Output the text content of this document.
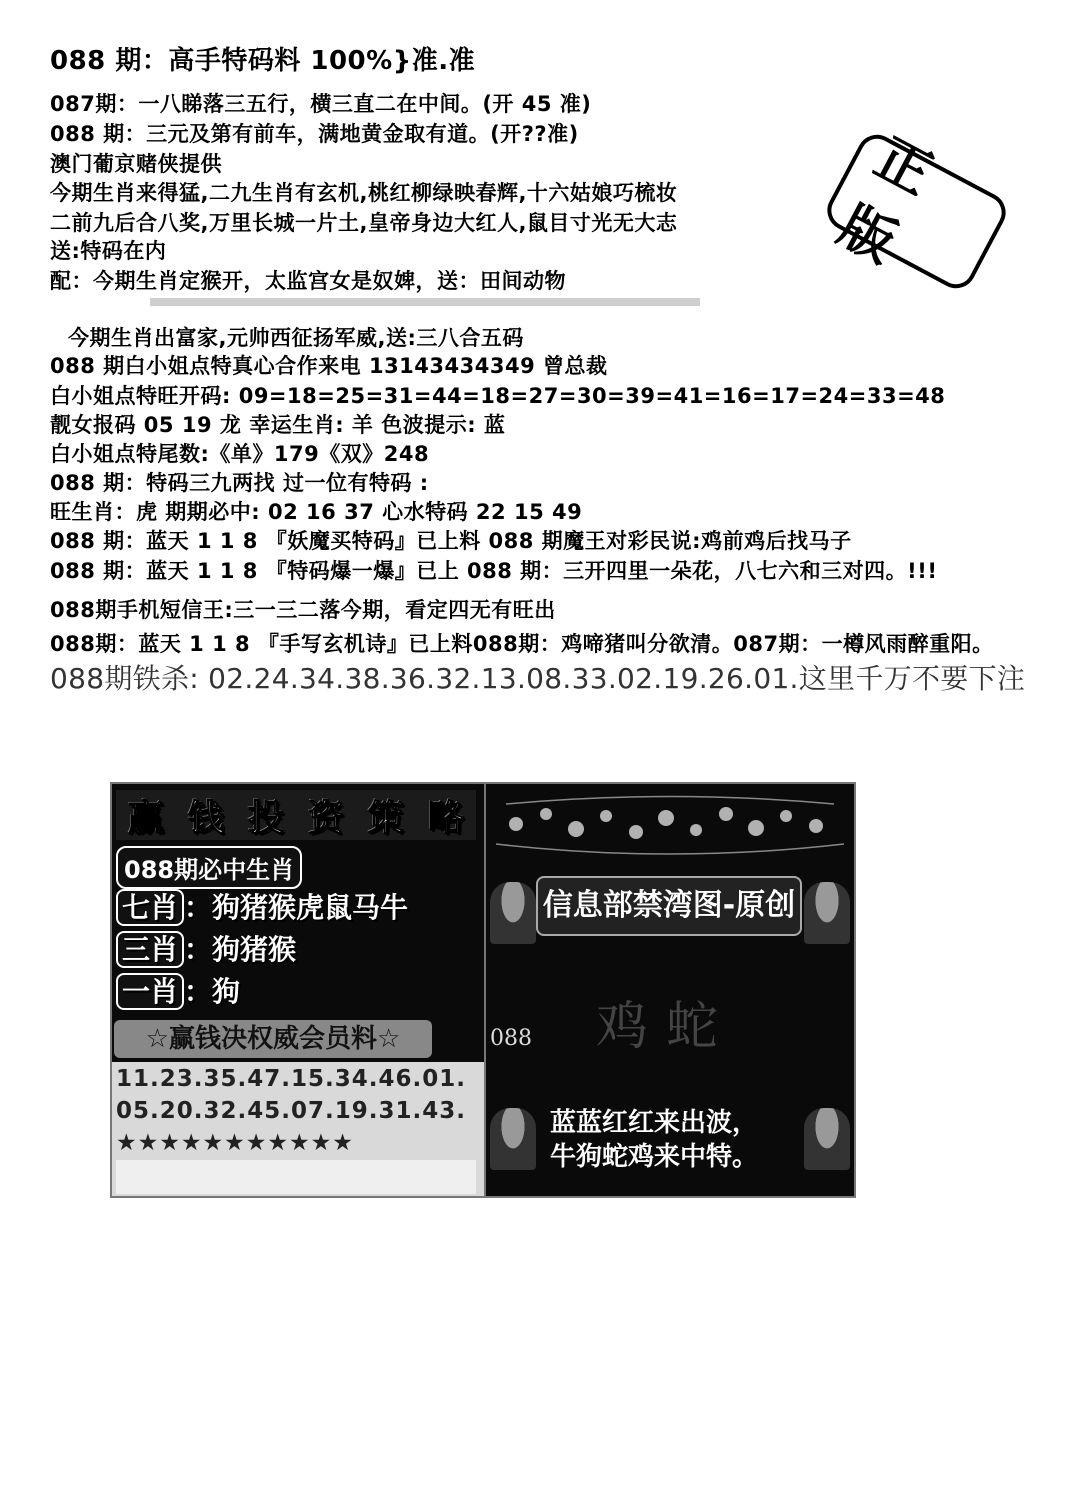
088 期：高手特码料 100%}准.准
087期：一八睇落三五行，横三直二在中间。(开 45 准)
088 期：三元及第有前车，满地黄金取有道。(开??准)
澳门葡京赌侠提供
今期生肖来得猛,二九生肖有玄机,桃红柳绿映春辉,十六姑娘巧梳妆
二前九后合八奖,万里长城一片土,皇帝身边大红人,鼠目寸光无大志
送:特码在内
配：今期生肖定猴开，太监宫女是奴婢，送：田间动物
今期生肖出富家,元帅西征扬军威,送:三八合五码
088 期白小姐点特真心合作来电 13143434349 曾总裁
白小姐点特旺开码: 09=18=25=31=44=18=27=30=39=41=16=17=24=33=48
靓女报码 05 19 龙 幸运生肖: 羊 色波提示: 蓝
白小姐点特尾数:《单》179《双》248
088 期：特码三九两找 过一位有特码 :
旺生肖：虎 期期必中: 02 16 37 心水特码 22 15 49
088 期：蓝天 1 1 8 『妖魔买特码』已上料 088 期魔王对彩民说:鸡前鸡后找马子
088 期：蓝天 1 1 8 『特码爆一爆』已上 088 期：三开四里一朵花，八七六和三对四。!!!
088期手机短信王:三一三二落今期，看定四无有旺出
088期：蓝天 1 1 8 『手写玄机诗』已上料088期：鸡啼猪叫分欲清。087期：一樽风雨醉重阳。
088期铁杀: 02.24.34.38.36.32.13.08.33.02.19.26.01.这里千万不要下注
正版
赢 钱 投 资 策 略
088期必中生肖
七肖 ：狗猪猴虎鼠马牛
三肖 ：狗猪猴
一肖 ：狗
☆赢钱决权威会员料☆
11.23.35.47.15.34.46.01.
05.20.32.45.07.19.31.43.
★★★★★★★★★★★
信息部禁湾图-原创
鸡蛇
088
蓝蓝红红来出波，
牛狗蛇鸡来中特。
